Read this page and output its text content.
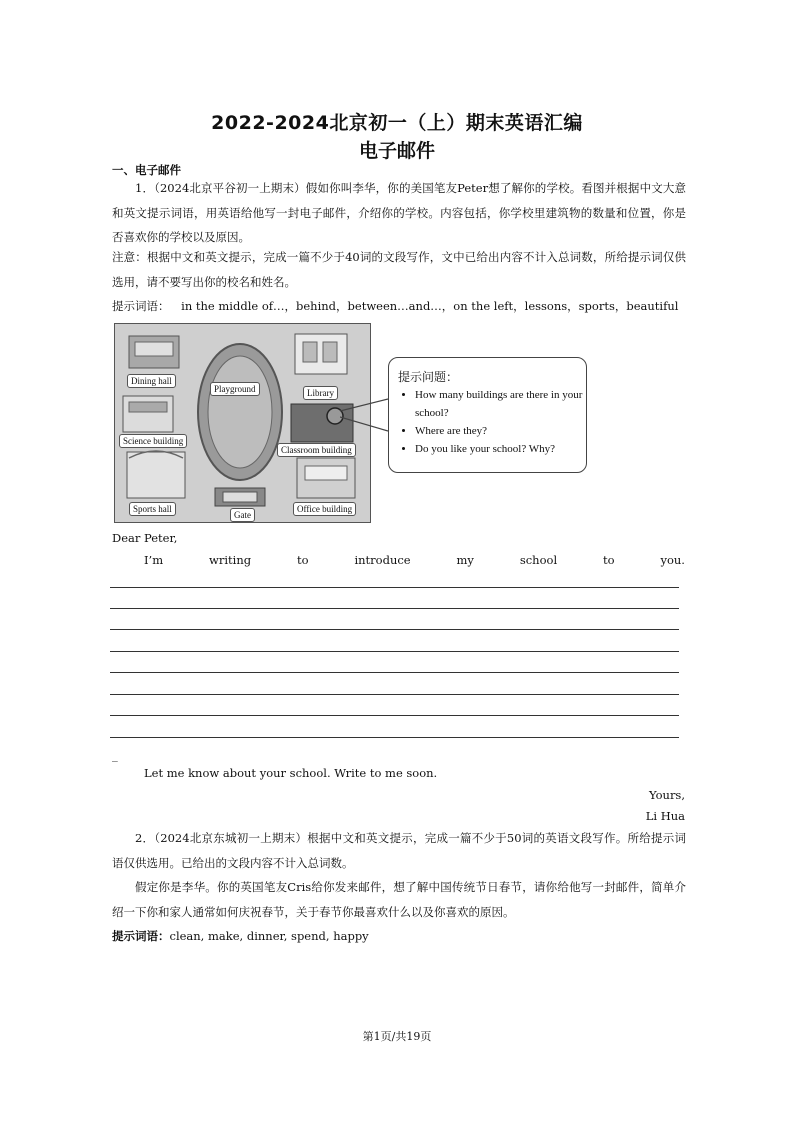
2022-2024北京初一（上）期末英语汇编
电子邮件
一、电子邮件
1．（2024北京平谷初一上期末）假如你叫李华，你的美国笔友Peter想了解你的学校。看图并根据中文大意和英文提示词语，用英语给他写一封电子邮件，介绍你的学校。内容包括，你学校里建筑物的数量和位置，你是否喜欢你的学校以及原因。
注意：根据中文和英文提示，完成一篇不少于40词的文段写作，文中已给出内容不计入总词数，所给提示词仅供选用，请不要写出你的校名和姓名。
提示词语： in the middle of…，behind，between…and…，on the left，lessons，sports，beautiful
Dining hall
Playground	Library
Science building
Classroom building
Sports hall
Gate
Office building
提示问题：
• How many buildings are there in your school?
• Where are they?
• Do you like your school? Why?
Dear Peter,
I’m	writing	to	introduce	my	school	to	you.
_
Let me know about your school. Write to me soon.
Yours,
Li Hua
2．（2024北京东城初一上期末）根据中文和英文提示，完成一篇不少于50词的英语文段写作。所给提示词语仅供选用。已给出的文段内容不计入总词数。
假定你是李华。你的英国笔友Cris给你发来邮件，想了解中国传统节日春节，请你给他写一封邮件，简单介绍一下你和家人通常如何庆祝春节，关于春节你最喜欢什么以及你喜欢的原因。
提示词语：clean, make, dinner, spend, happy
第1页/共19页
